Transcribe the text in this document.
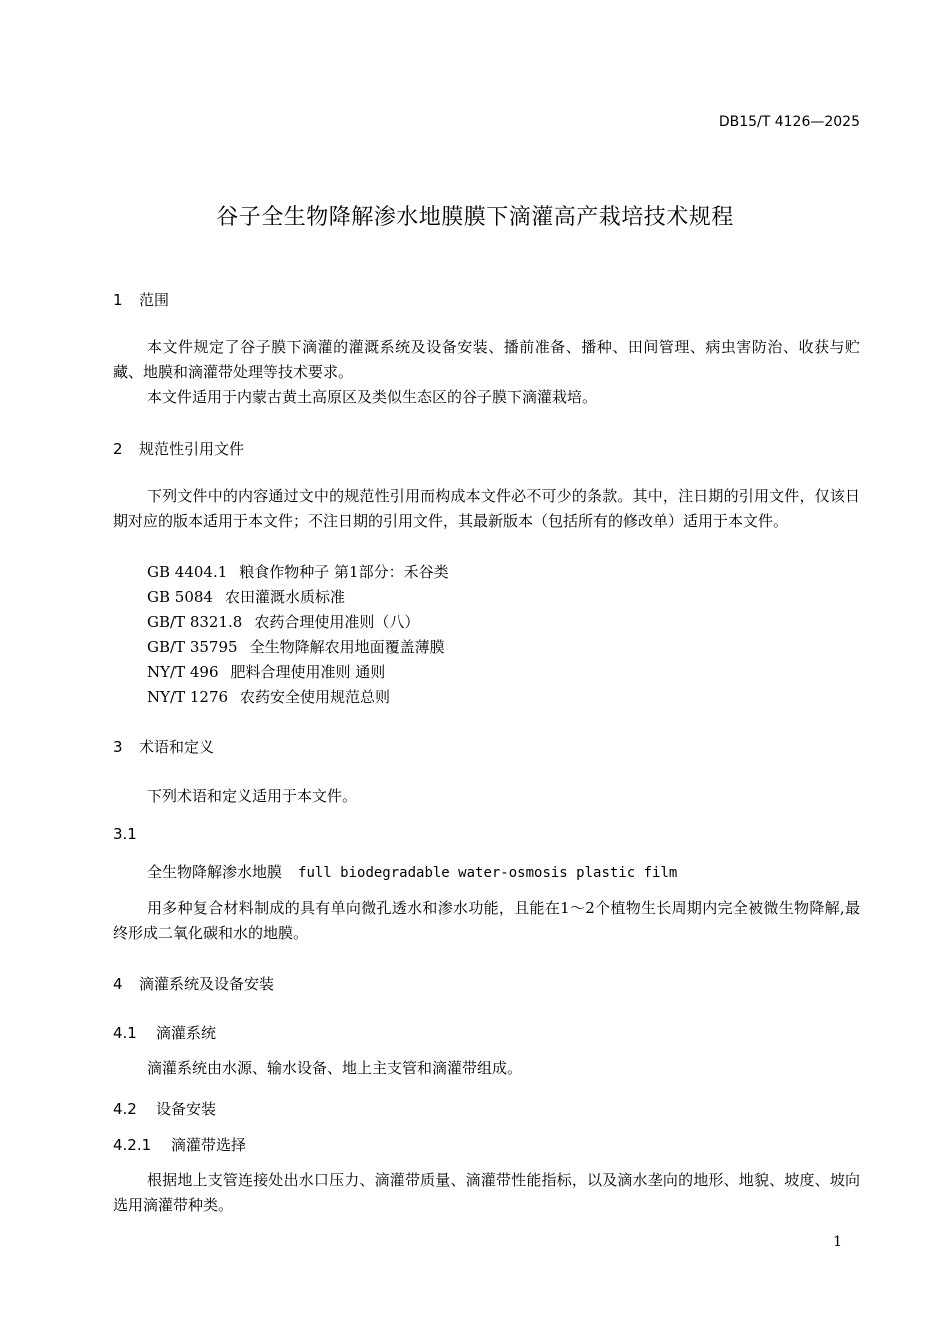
DB15/T 4126—2025
谷子全生物降解渗水地膜膜下滴灌高产栽培技术规程
1 范围
本文件规定了谷子膜下滴灌的灌溉系统及设备安装、播前准备、播种、田间管理、病虫害防治、收获与贮藏、地膜和滴灌带处理等技术要求。
本文件适用于内蒙古黄土高原区及类似生态区的谷子膜下滴灌栽培。
2 规范性引用文件
下列文件中的内容通过文中的规范性引用而构成本文件必不可少的条款。其中，注日期的引用文件，仅该日期对应的版本适用于本文件；不注日期的引用文件，其最新版本（包括所有的修改单）适用于本文件。
GB 4404.1 粮食作物种子 第1部分：禾谷类
GB 5084 农田灌溉水质标准
GB/T 8321.8 农药合理使用准则（八）
GB/T 35795 全生物降解农用地面覆盖薄膜
NY/T 496 肥料合理使用准则 通则
NY/T 1276 农药安全使用规范总则
3 术语和定义
下列术语和定义适用于本文件。
3.1
全生物降解渗水地膜 full biodegradable water-osmosis plastic film
用多种复合材料制成的具有单向微孔透水和渗水功能，且能在1～2个植物生长周期内完全被微生物降解,最终形成二氧化碳和水的地膜。
4 滴灌系统及设备安装
4.1 滴灌系统
滴灌系统由水源、输水设备、地上主支管和滴灌带组成。
4.2 设备安装
4.2.1 滴灌带选择
根据地上支管连接处出水口压力、滴灌带质量、滴灌带性能指标，以及滴水垄向的地形、地貌、坡度、坡向选用滴灌带种类。
1
